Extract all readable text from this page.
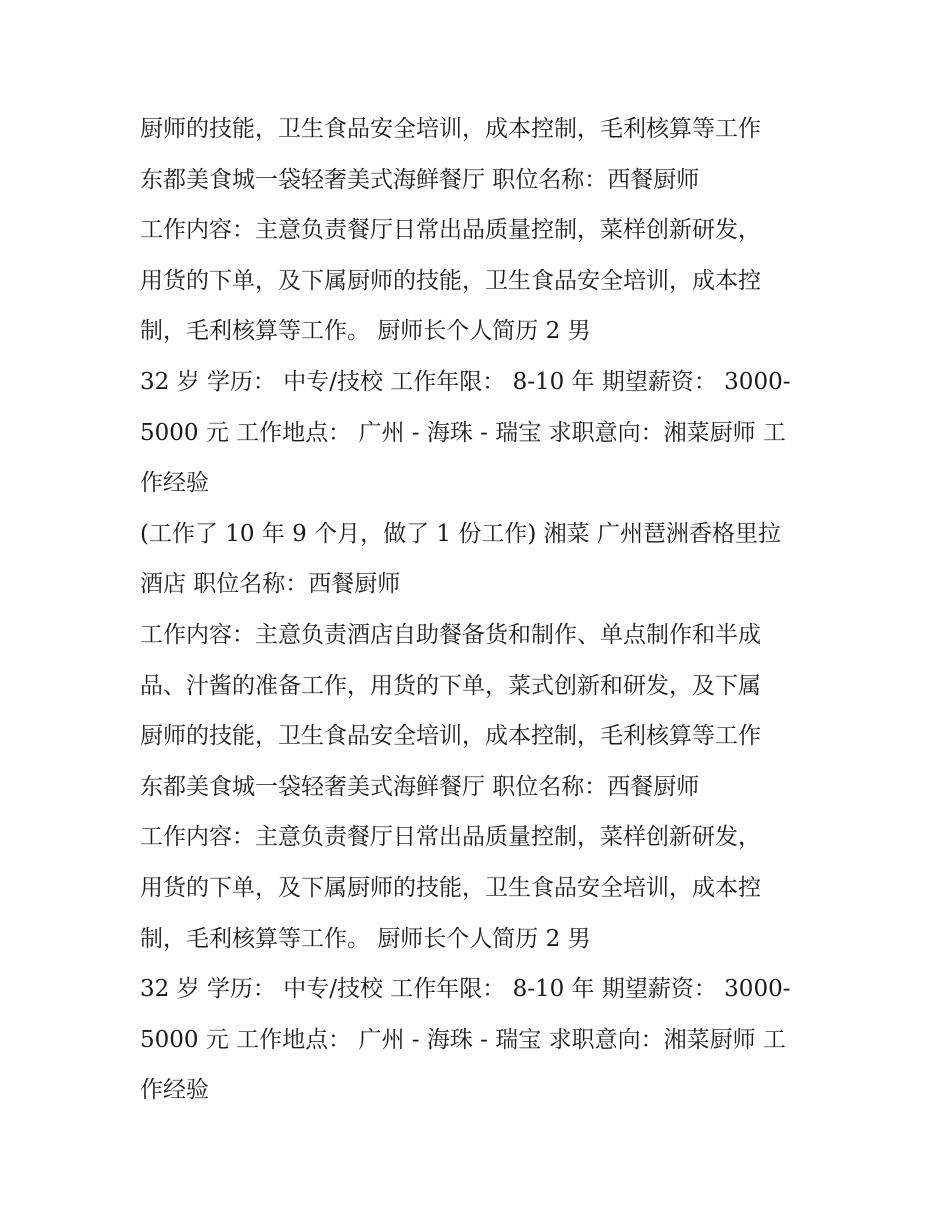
厨师的技能，卫生食品安全培训，成本控制，毛利核算等工作
东都美食城一袋轻奢美式海鲜餐厅 职位名称：西餐厨师
工作内容：主意负责餐厅日常出品质量控制，菜样创新研发，
用货的下单，及下属厨师的技能，卫生食品安全培训，成本控
制，毛利核算等工作。 厨师长个人简历 2 男
32 岁 学历： 中专/技校 工作年限： 8-10 年 期望薪资： 3000-
5000 元 工作地点： 广州 - 海珠 - 瑞宝 求职意向：湘菜厨师 工
作经验
(工作了 10 年 9 个月，做了 1 份工作) 湘菜 广州琶洲香格里拉
酒店 职位名称：西餐厨师
工作内容：主意负责酒店自助餐备货和制作、单点制作和半成
品、汁酱的准备工作，用货的下单，菜式创新和研发，及下属
厨师的技能，卫生食品安全培训，成本控制，毛利核算等工作
东都美食城一袋轻奢美式海鲜餐厅 职位名称：西餐厨师
工作内容：主意负责餐厅日常出品质量控制，菜样创新研发，
用货的下单，及下属厨师的技能，卫生食品安全培训，成本控
制，毛利核算等工作。 厨师长个人简历 2 男
32 岁 学历： 中专/技校 工作年限： 8-10 年 期望薪资： 3000-
5000 元 工作地点： 广州 - 海珠 - 瑞宝 求职意向：湘菜厨师 工
作经验
